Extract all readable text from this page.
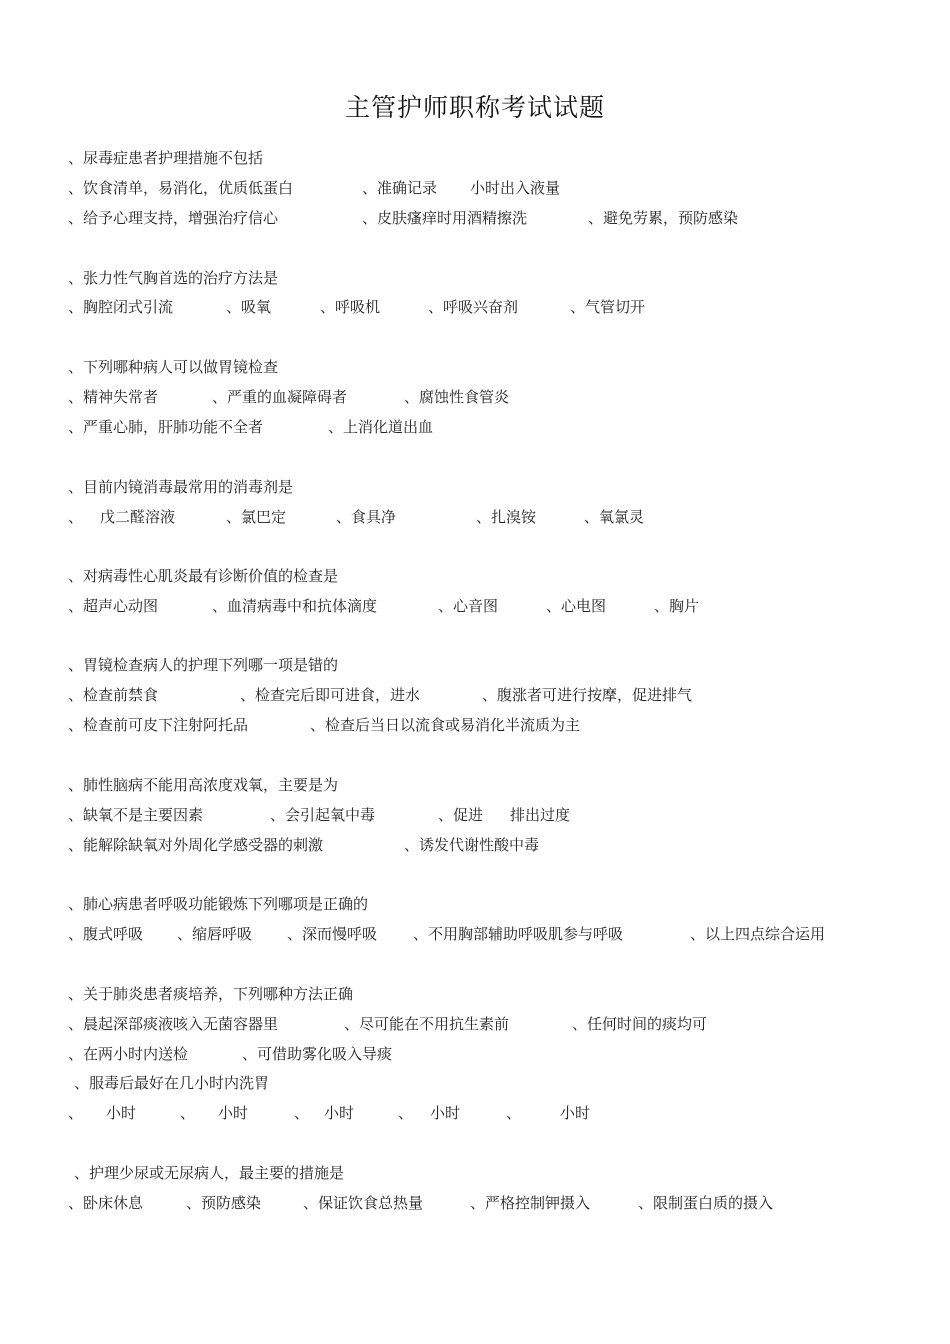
主管护师职称考试试题
、尿毒症患者护理措施不包括
、饮食清单，易消化，优质低蛋白	、准确记录 小时出入液量
、给予心理支持，增强治疗信心	、皮肤瘙痒时用酒精擦洗	、避免劳累，预防感染
、张力性气胸首选的治疗方法是
、胸腔闭式引流	、吸氧	、呼吸机	、呼吸兴奋剂	、气管切开
、下列哪种病人可以做胃镜检查
、精神失常者	、严重的血凝障碍者	、腐蚀性食管炎
、严重心肺，肝肺功能不全者	、上消化道出血
、目前内镜消毒最常用的消毒剂是
、 戊二醛溶液	、氯巴定	、食具净	、扎溴铵	、氧氯灵
、对病毒性心肌炎最有诊断价值的检查是
、超声心动图	、血清病毒中和抗体滴度	、心音图	、心电图	、胸片
、胃镜检查病人的护理下列哪一项是错的
、检查前禁食	、检查完后即可进食，进水	、腹涨者可进行按摩，促进排气
、检查前可皮下注射阿托品	、检查后当日以流食或易消化半流质为主
、肺性脑病不能用高浓度戏氧，主要是为
、缺氧不是主要因素	、会引起氧中毒	、促进 排出过度
、能解除缺氧对外周化学感受器的刺激	、诱发代谢性酸中毒
、肺心病患者呼吸功能锻炼下列哪项是正确的
、腹式呼吸 、缩唇呼吸 、深而慢呼吸 、不用胸部辅助呼吸肌参与呼吸	、以上四点综合运用
、关于肺炎患者痰培养，下列哪种方法正确
、晨起深部痰液咳入无菌容器里	、尽可能在不用抗生素前	、任何时间的痰均可
、在两小时内送检	、可借助雾化吸入导痰
、服毒后最好在几小时内洗胃
、 小时	、 小时	、 小时	、 小时	、	小时
、护理少尿或无尿病人，最主要的措施是
、卧床休息	、预防感染	、保证饮食总热量	、严格控制钾摄入	、限制蛋白质的摄入
